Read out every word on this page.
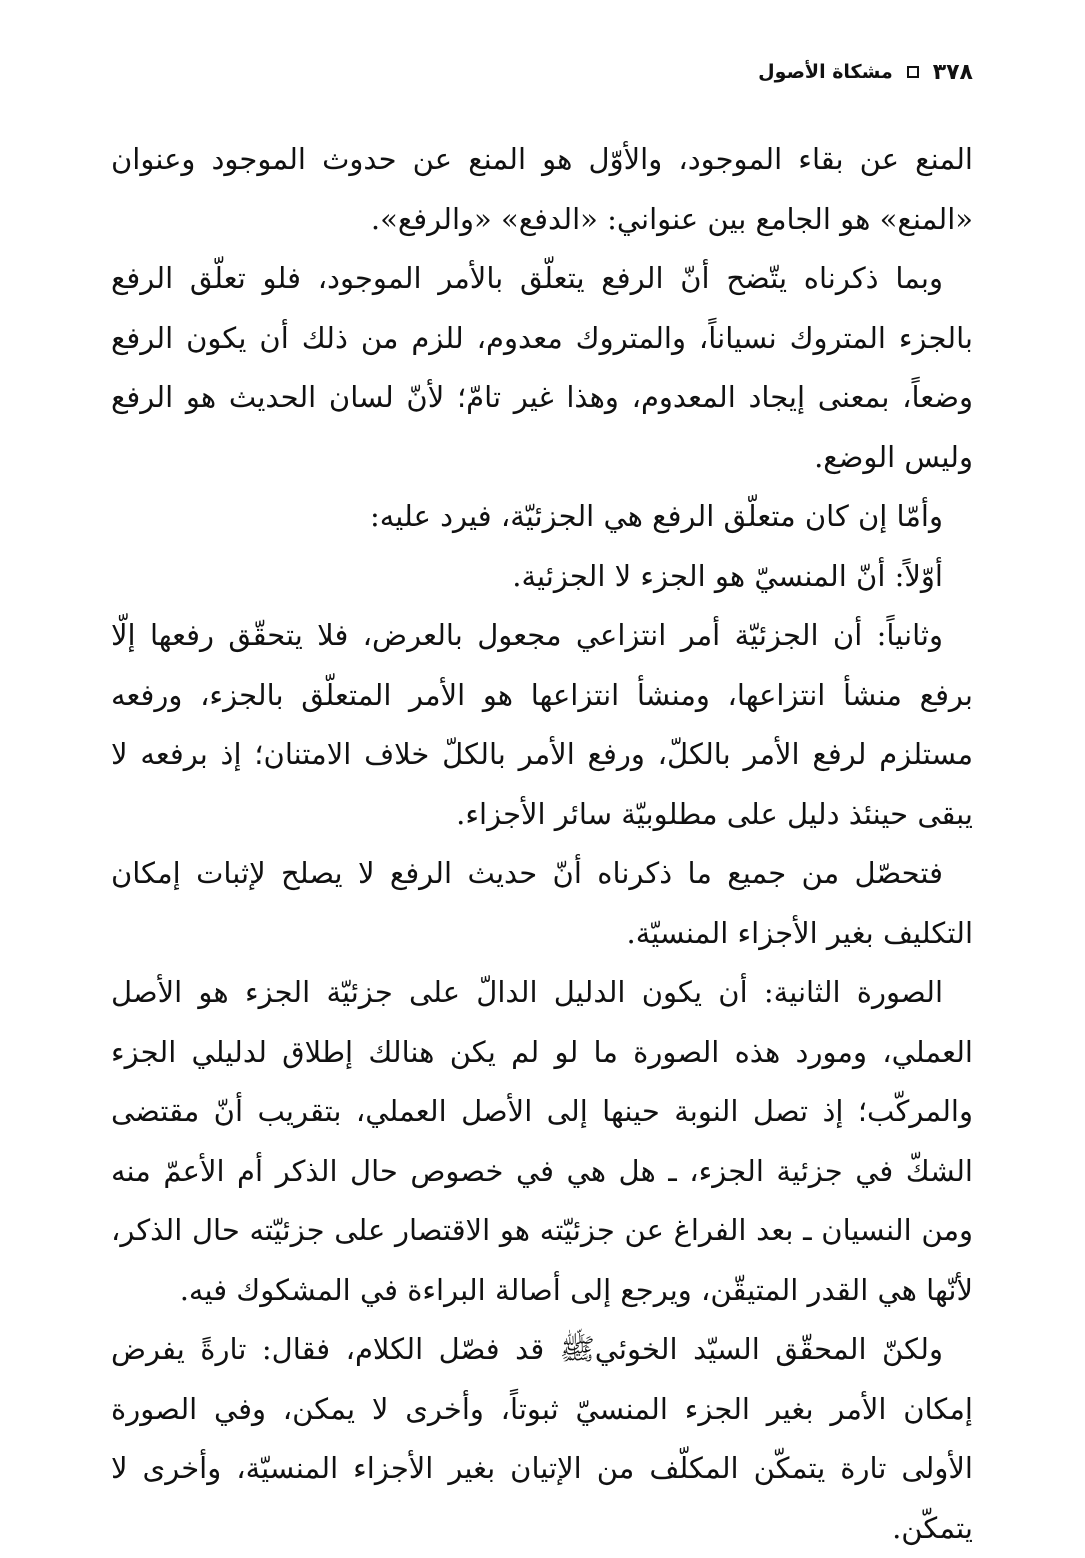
٣٧٨
مشكاة الأصول

المنع عن بقاء الموجود، والأوّل هو المنع عن حدوث الموجود وعنوان «المنع» هو الجامع بين عنواني: «الدفع» «والرفع».

وبما ذكرناه يتّضح أنّ الرفع يتعلّق بالأمر الموجود، فلو تعلّق الرفع بالجزء المتروك نسياناً، والمتروك معدوم، للزم من ذلك أن يكون الرفع وضعاً، بمعنى إيجاد المعدوم، وهذا غير تامّ؛ لأنّ لسان الحديث هو الرفع وليس الوضع.

وأمّا إن كان متعلّق الرفع هي الجزئيّة، فيرد عليه:

أوّلاً: أنّ المنسيّ هو الجزء لا الجزئية.

وثانياً: أن الجزئيّة أمر انتزاعي مجعول بالعرض، فلا يتحقّق رفعها إلّا برفع منشأ انتزاعها، ومنشأ انتزاعها هو الأمر المتعلّق بالجزء، ورفعه مستلزم لرفع الأمر بالكلّ، ورفع الأمر بالكلّ خلاف الامتنان؛ إذ برفعه لا يبقى حينئذ دليل على مطلوبيّة سائر الأجزاء.

فتحصّل من جميع ما ذكرناه أنّ حديث الرفع لا يصلح لإثبات إمكان التكليف بغير الأجزاء المنسيّة.

الصورة الثانية: أن يكون الدليل الدالّ على جزئيّة الجزء هو الأصل العملي، ومورد هذه الصورة ما لو لم يكن هنالك إطلاق لدليلي الجزء والمركّب؛ إذ تصل النوبة حينها إلى الأصل العملي، بتقريب أنّ مقتضى الشكّ في جزئية الجزء، ـ هل هي في خصوص حال الذكر أم الأعمّ منه ومن النسيان ـ بعد الفراغ عن جزئيّته هو الاقتصار على جزئيّته حال الذكر، لأنّها هي القدر المتيقّن، ويرجع إلى أصالة البراءة في المشكوك فيه.

ولكنّ المحقّق السيّد الخوئيﷺ قد فصّل الكلام، فقال: تارةً يفرض إمكان الأمر بغير الجزء المنسيّ ثبوتاً، وأخرى لا يمكن، وفي الصورة الأولى تارة يتمكّن المكلّف من الإتيان بغير الأجزاء المنسيّة، وأخرى لا يتمكّن.
